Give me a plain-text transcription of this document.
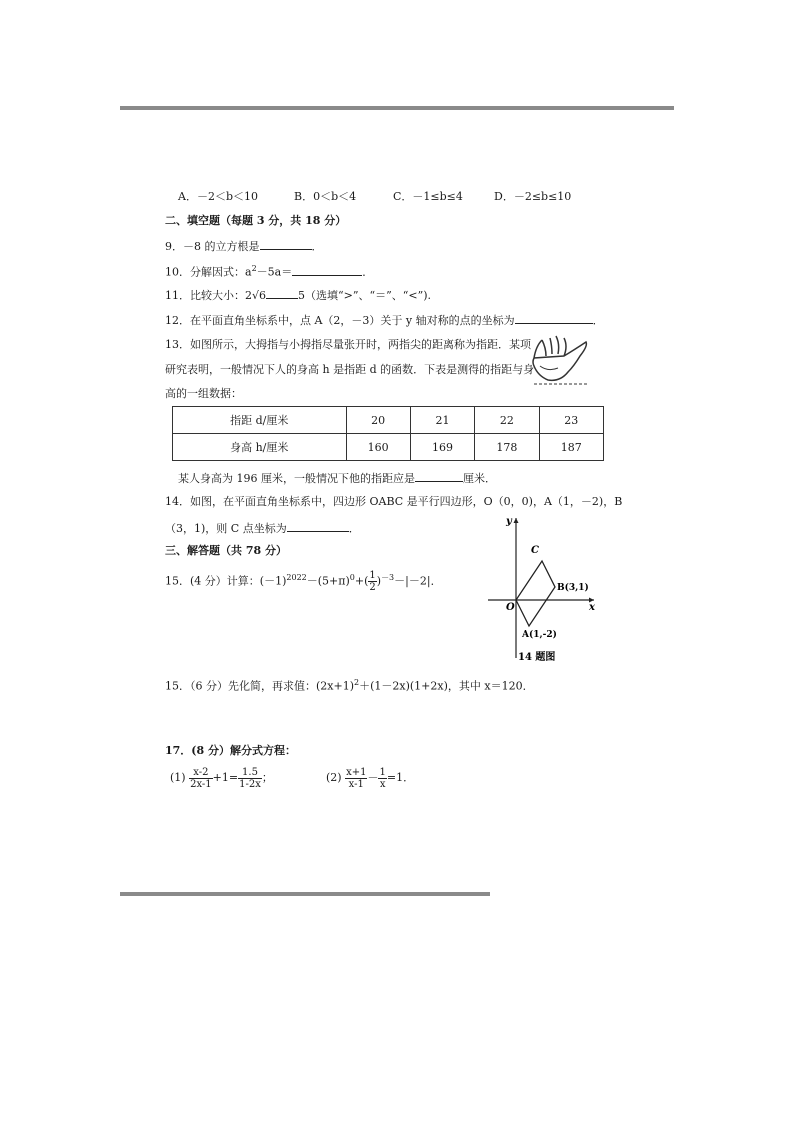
A．－2＜b＜10	B．0＜b＜4	C．－1≤b≤4	D．－2≤b≤10
二、填空题（每题 3 分，共 18 分）
9．－8 的立方根是	．
10．分解因式：$a^2-5a=$	．
11．比较大小：2√6	5（选填“>”、“＝”、“<”).
12．在平面直角坐标系中，点 A（2，－3）关于 y 轴对称的点的坐标为	．
13．如图所示，大拇指与小拇指尽量张开时，两指尖的距离称为指距．某项
研究表明，一般情况下人的身高 h 是指距 d 的函数．下表是测得的指距与身
高的一组数据：
指距 d/厘米	20	21	22	23
身高 h/厘米	160	169	178	187
某人身高为 196 厘米，一般情况下他的指距应是	厘米．
14．如图，在平面直角坐标系中，四边形 OABC 是平行四边形，O（0，0)，A（1，－2)，B
（3，1)，则 C 点坐标为	．
y
x
O
C
B(3,1)
A(1,-2)
14 题图
三、解答题（共 78 分）
15．(4 分）计算：$(-1)^{2022}-(5+\pi)^0+( \frac{1}{2} )^{-3}-|-2|$．
15．（6 分）先化简，再求值：$(2x+1)^2+(1-2x)(1+2x)$，其中 x＝120．
17．(8 分）解分式方程：
$(1) \frac{x-2}{2x-1} +1= \frac{1.5}{1-2x}$ ；	$(2) \frac{x+1}{x-1} - \frac{1}{x} =1$．
